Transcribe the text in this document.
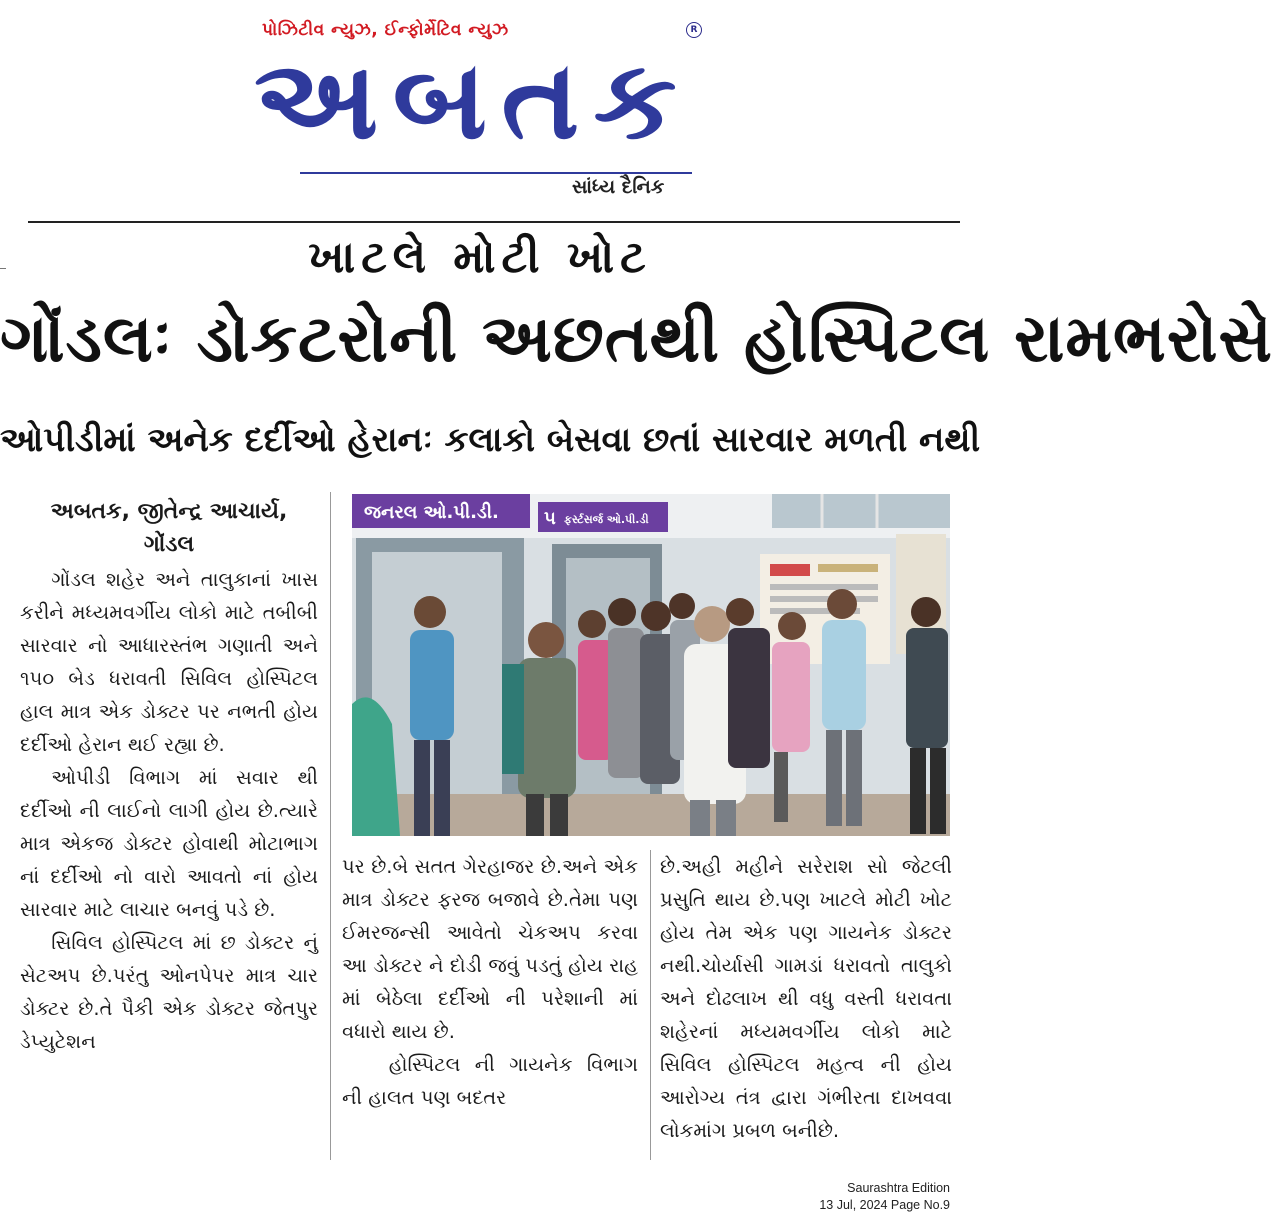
પોઝિટીવ ન્યુઝ, ઈન્ફોર્મેટિવ ન્યુઝ	R
અબતક
સાંધ્ય દૈનિક
ખાટલે મોટી ખોટ
ગોંડલઃ ડોકટરોની અછતથી હોસ્પિટલ રામભરોસે
ઓપીડીમાં અનેક દર્દીઓ હેરાનઃ કલાકો બેસવા છતાં સારવાર મળતી નથી
અબતક, જીતેન્દ્ર આચાર્ય,
ગોંડલ

ગોંડલ શહેર અને તાલુકાનાં ખાસ કરીને મધ્યમવર્ગીય લોકો માટે તબીબી સારવાર નો આધારસ્તંભ ગણાતી અને ૧૫૦ બેડ ધરાવતી સિવિલ હોસ્પિટલ હાલ માત્ર એક ડોક્ટર પર નભતી હોય દર્દીઓ હેરાન થઈ રહ્યા છે.

ઓપીડી વિભાગ માં સવાર થી દર્દીઓ ની લાઈનો લાગી હોય છે.ત્યારે માત્ર એકજ ડોક્ટર હોવાથી મોટાભાગ નાં દર્દીઓ નો વારો આવતો નાં હોય સારવાર માટે લાચાર બનવું પડે છે.

સિવિલ હોસ્પિટલ માં છ ડોક્ટર નું સેટઅપ છે.પરંતુ ઓનપેપર માત્ર ચાર ડોક્ટર છે.તે પૈકી એક ડોક્ટર જેતપુર ડેપ્યુટેશન

જનરલ ઓ.પી.ડી.	૫ ફર્સ્ટસર્જ ઓ.પી.ડી

પર છે.બે સતત ગેરહાજર છે.અને એક માત્ર ડોક્ટર ફરજ બજાવે છે.તેમા પણ ઈમરજન્સી આવેતો ચેકઅપ કરવા આ ડોક્ટર ને દોડી જવું પડતું હોય રાહ માં બેઠેલા દર્દીઓ ની પરેશાની માં વધારો થાય છે.

હોસ્પિટલ ની ગાયનેક વિભાગ ની હાલત પણ બદતર

છે.અહી મહીને સરેરાશ સો જેટલી પ્રસુતિ થાય છે.પણ ખાટલે મોટી ખોટ હોય તેમ એક પણ ગાયનેક ડોક્ટર નથી.ચોર્યાસી ગામડાં ધરાવતો તાલુકો અને દોઢલાખ થી વધુ વસ્તી ધરાવતા શહેરનાં મધ્યમવર્ગીય લોકો માટે સિવિલ હોસ્પિટલ મહત્વ ની હોય આરોગ્ય તંત્ર દ્વારા ગંભીરતા દાખવવા લોકમાંગ પ્રબળ બનીછે.

Saurashtra Edition
13 Jul, 2024 Page No.9
